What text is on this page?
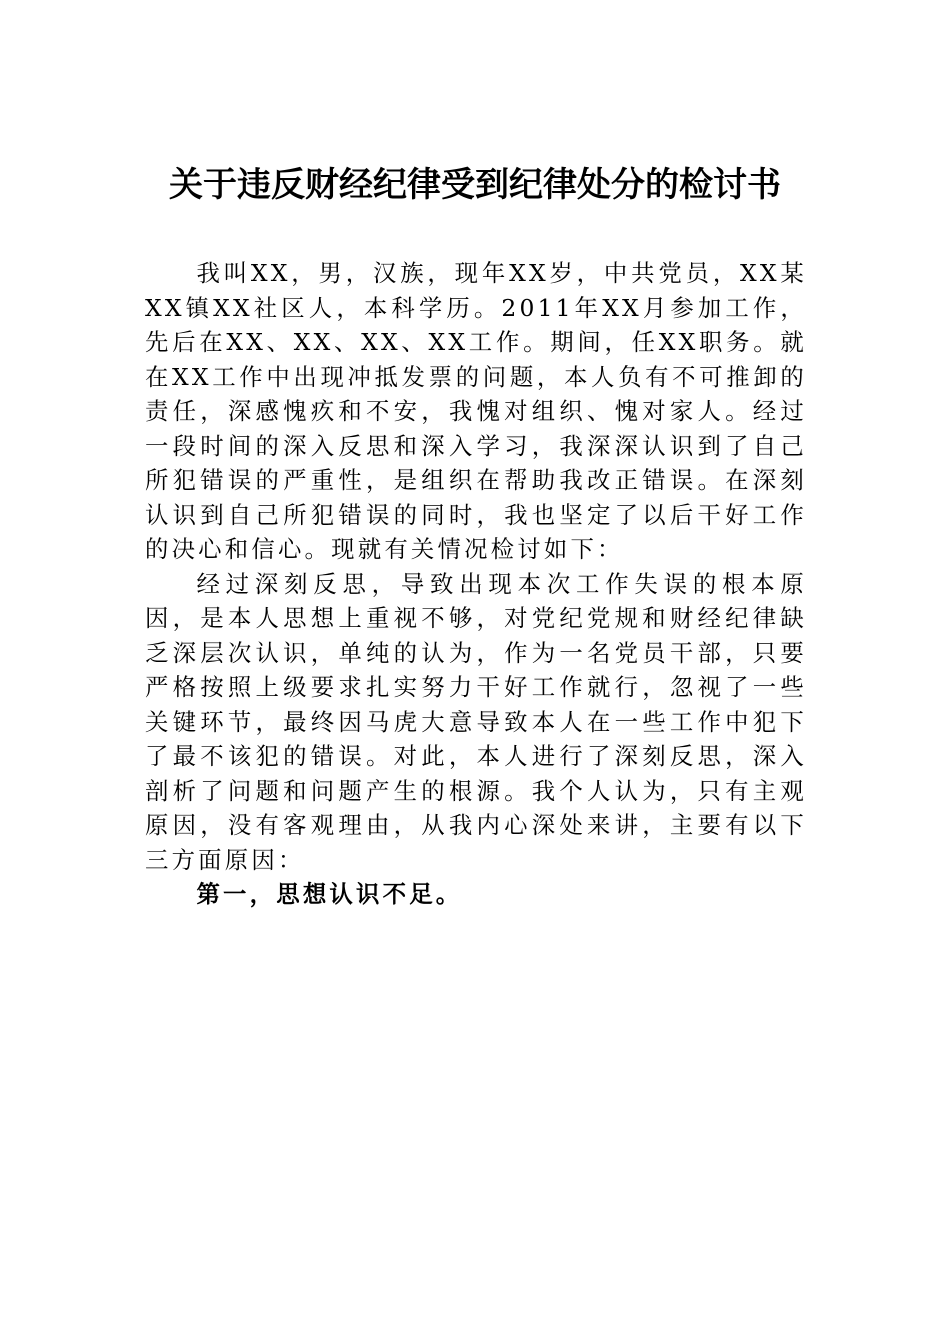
关于违反财经纪律受到纪律处分的检讨书

我叫XX，男，汉族，现年XX岁，中共党员，XX某XX镇XX社区人，本科学历。2011年XX月参加工作，先后在XX、XX、XX、XX工作。期间，任XX职务。就在XX工作中出现冲抵发票的问题，本人负有不可推卸的责任，深感愧疚和不安，我愧对组织、愧对家人。经过一段时间的深入反思和深入学习，我深深认识到了自己所犯错误的严重性，是组织在帮助我改正错误。在深刻认识到自己所犯错误的同时，我也坚定了以后干好工作的决心和信心。现就有关情况检讨如下：

经过深刻反思，导致出现本次工作失误的根本原因，是本人思想上重视不够，对党纪党规和财经纪律缺乏深层次认识，单纯的认为，作为一名党员干部，只要严格按照上级要求扎实努力干好工作就行，忽视了一些关键环节，最终因马虎大意导致本人在一些工作中犯下了最不该犯的错误。对此，本人进行了深刻反思，深入剖析了问题和问题产生的根源。我个人认为，只有主观原因，没有客观理由，从我内心深处来讲，主要有以下三方面原因：

第一，思想认识不足。
